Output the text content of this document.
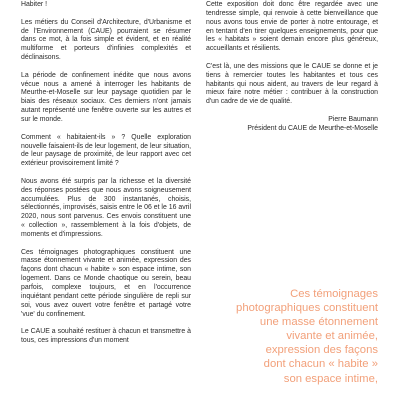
Habiter !

Les métiers du Conseil d'Architecture, d'Urbanisme et de l'Environnement (CAUE) pourraient se résumer dans ce mot, à la fois simple et évident, et en réalité multiforme et porteurs d'infinies complexités et déclinaisons.

La période de confinement inédite que nous avons vécue nous a amené à interroger les habitants de Meurthe-et-Moselle sur leur paysage quotidien par le biais des réseaux sociaux. Ces derniers n'ont jamais autant représenté une fenêtre ouverte sur les autres et sur le monde.

Comment « habitaient-ils » ? Quelle exploration nouvelle faisaient-ils de leur logement, de leur situation, de leur paysage de proximité, de leur rapport avec cet extérieur provisoirement limité ?

Nous avons été surpris par la richesse et la diversité des réponses postées que nous avons soigneusement accumulées. Plus de 300 instantanés, choisis, sélectionnés, improvisés, saisis entre le 06 et le 16 avril 2020, nous sont parvenus. Ces envois constituent une « collection », rassemblement à la fois d'objets, de moments et d'impressions.

Ces témoignages photographiques constituent une masse étonnement vivante et animée, expression des façons dont chacun « habite » son espace intime, son logement. Dans ce Monde chaotique ou serein, beau parfois, complexe toujours, et en l'occurrence inquiétant pendant cette période singulière de repli sur soi, vous avez ouvert votre fenêtre et partagé votre 'vue' du confinement.

Le CAUE a souhaité restituer à chacun et transmettre à tous, ces impressions d'un moment

Cette exposition doit donc être regardée avec une tendresse simple, qui renvoie à cette bienveillance que nous avons tous envie de porter à notre entourage, et en tentant d'en tirer quelques enseignements, pour que les « habitats » soient demain encore plus généreux, accueillants et résilients.

C'est là, une des missions que le CAUE se donne et je tiens à remercier toutes les habitantes et tous ces habitants qui nous aident, au travers de leur regard à mieux faire notre métier : contribuer à la construction d'un cadre de vie de qualité.

Pierre Baumann
Président du CAUE de Meurthe-et-Moselle
Ces témoignages
photographiques constituent
une masse étonnement
vivante et animée,
expression des façons
dont chacun « habite »
son espace intime,
